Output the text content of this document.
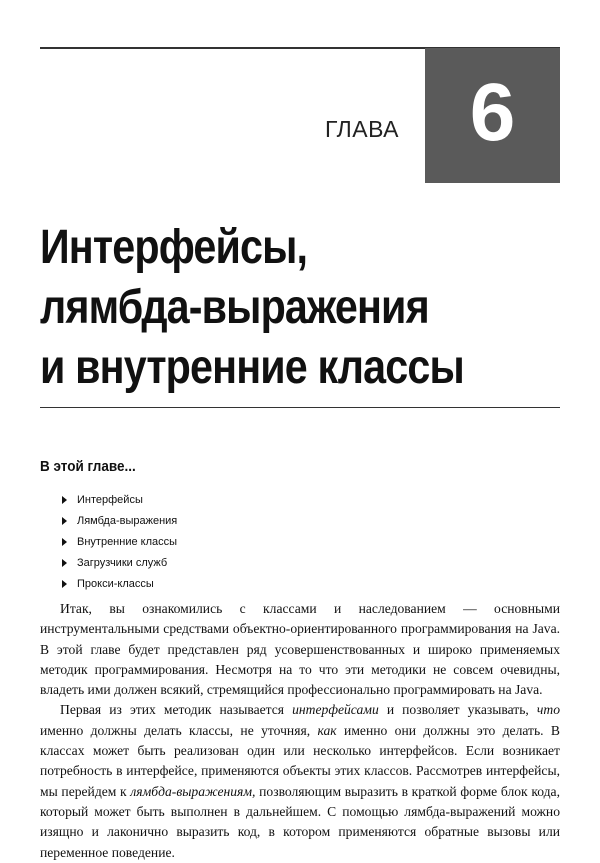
ГЛАВА 6
Интерфейсы,
лямбда-выражения
и внутренние классы
В этой главе...
Интерфейсы
Лямбда-выражения
Внутренние классы
Загрузчики служб
Прокси-классы

Итак, вы ознакомились с классами и наследованием — основными инструментальными средствами объектно-ориентированного программирования на Java. В этой главе будет представлен ряд усовершенствованных и широко применяемых методик программирования. Несмотря на то что эти методики не совсем очевидны, владеть ими должен всякий, стремящийся профессионально программировать на Java.

Первая из этих методик называется интерфейсами и позволяет указывать, что именно должны делать классы, не уточняя, как именно они должны это делать. В классах может быть реализован один или несколько интерфейсов. Если возникает потребность в интерфейсе, применяются объекты этих классов. Рассмотрев интерфейсы, мы перейдем к лямбда-выражениям, позволяющим выразить в краткой форме блок кода, который может быть выполнен в дальнейшем. С помощью лямбда-выражений можно изящно и лаконично выразить код, в котором применяются обратные вызовы или переменное поведение.
